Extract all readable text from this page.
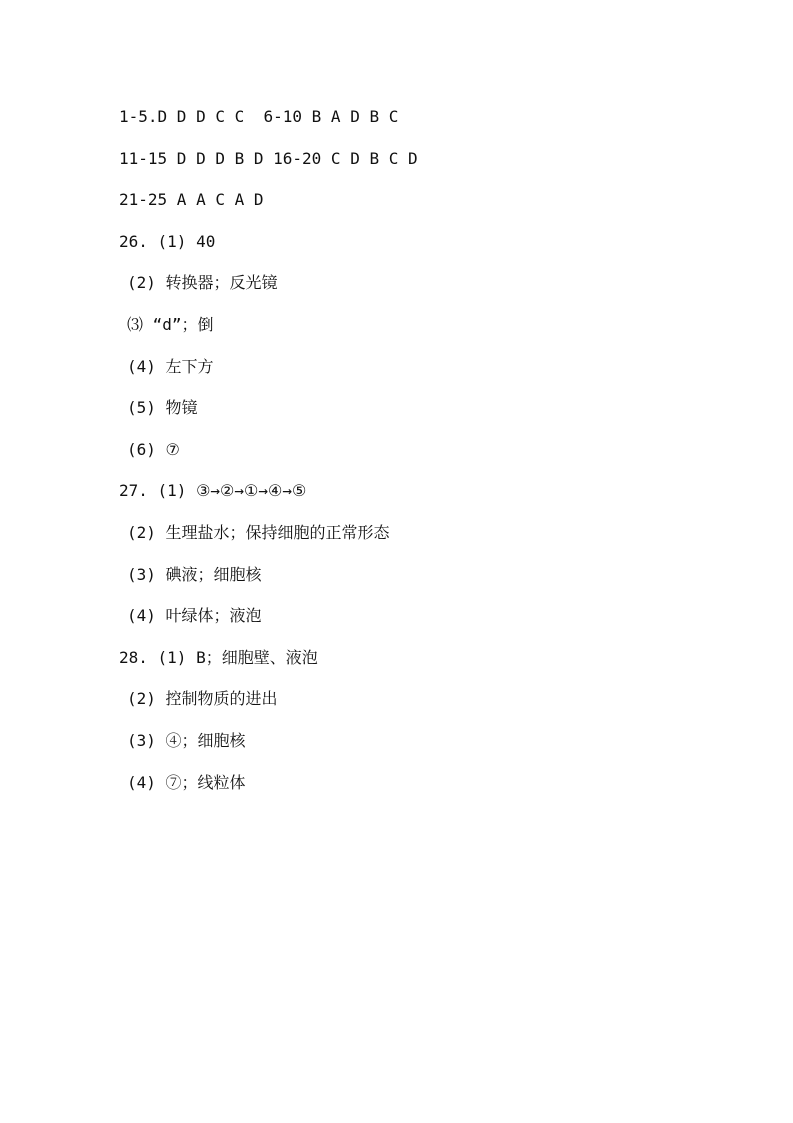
1-5.D D D C C  6-10 B A D B C
11-15 D D D B D 16-20 C D B C D
21-25 A A C A D
26. (1) 40
(2) 转换器；反光镜
⑶ “d”；倒
(4) 左下方
(5) 物镜
(6) ⑦
27. (1) ③→②→①→④→⑤
(2) 生理盐水；保持细胞的正常形态
(3) 碘液；细胞核
(4) 叶绿体；液泡
28. (1) B；细胞壁、液泡
(2) 控制物质的进出
(3) ④；细胞核
(4) ⑦；线粒体
